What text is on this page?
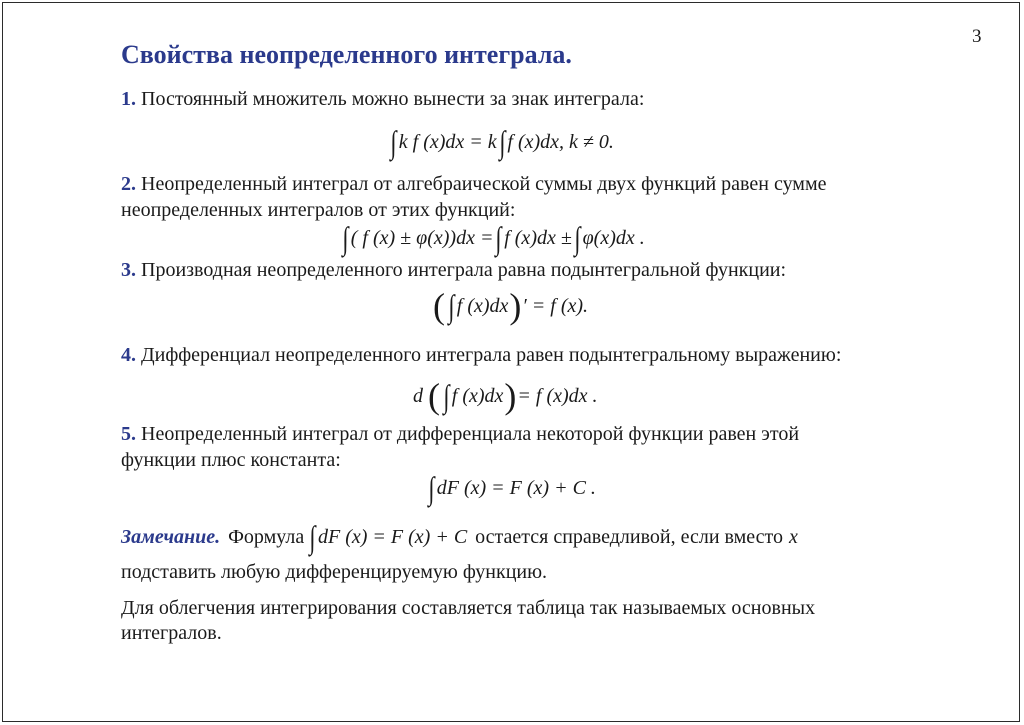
3
Свойства неопределенного интеграла.
1. Постоянный множитель можно вынести за знак интеграла:
∫ k f (x)dx = k ∫ f (x)dx, k ≠ 0.
2. Неопределенный интеграл от алгебраической суммы двух функций равен сумме
неопределенных интегралов от этих функций:
∫ ( f (x) ± φ(x))dx = ∫ f (x)dx ± ∫ φ(x)dx .
3. Производная неопределенного интеграла равна подынтегральной функции:
( ∫ f (x)dx ) ′ = f (x).
4. Дифференциал неопределенного интеграла равен подынтегральному выражению:
d ( ∫ f (x)dx ) = f (x)dx .
5. Неопределенный интеграл от дифференциала некоторой функции равен этой
функции плюс константа:
∫ dF (x) = F (x) + C .
Замечание. Формула ∫ dF (x) = F (x) + C остается справедливой, если вместо x
подставить любую дифференцируемую функцию.
Для облегчения интегрирования составляется таблица так называемых основных
интегралов.
